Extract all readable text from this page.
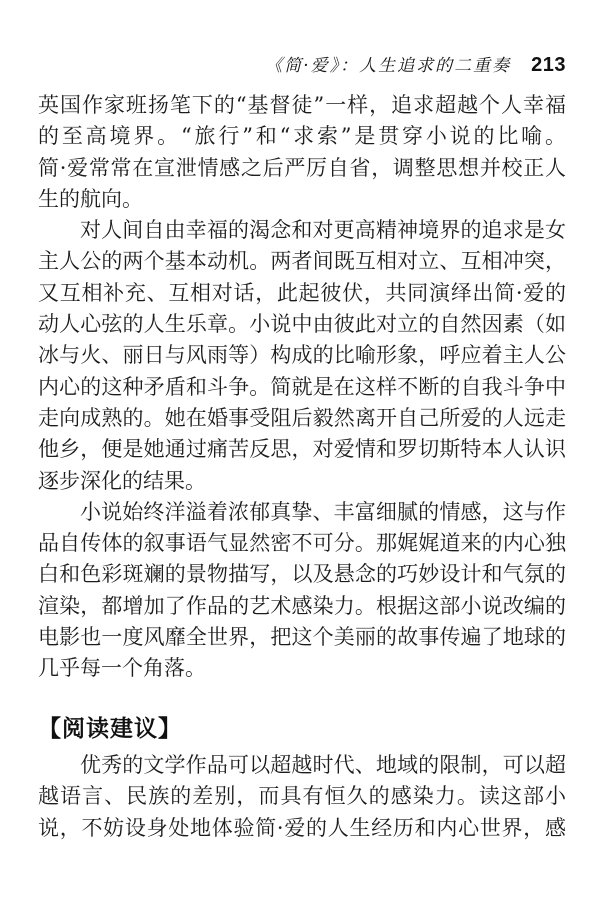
《简·爱》：人生追求的二重奏 213
英国作家班扬笔下的“基督徒”一样，追求超越个人幸福
的至高境界。“旅行”和“求索”是贯穿小说的比喻。
简·爱常常在宣泄情感之后严厉自省，调整思想并校正人
生的航向。
对人间自由幸福的渴念和对更高精神境界的追求是女
主人公的两个基本动机。两者间既互相对立、互相冲突，
又互相补充、互相对话，此起彼伏，共同演绎出简·爱的
动人心弦的人生乐章。小说中由彼此对立的自然因素（如
冰与火、丽日与风雨等）构成的比喻形象，呼应着主人公
内心的这种矛盾和斗争。简就是在这样不断的自我斗争中
走向成熟的。她在婚事受阻后毅然离开自己所爱的人远走
他乡，便是她通过痛苦反思，对爱情和罗切斯特本人认识
逐步深化的结果。
小说始终洋溢着浓郁真挚、丰富细腻的情感，这与作
品自传体的叙事语气显然密不可分。那娓娓道来的内心独
白和色彩斑斓的景物描写，以及悬念的巧妙设计和气氛的
渲染，都增加了作品的艺术感染力。根据这部小说改编的
电影也一度风靡全世界，把这个美丽的故事传遍了地球的
几乎每一个角落。
【阅读建议】
优秀的文学作品可以超越时代、地域的限制，可以超
越语言、民族的差别，而具有恒久的感染力。读这部小
说，不妨设身处地体验简·爱的人生经历和内心世界，感
